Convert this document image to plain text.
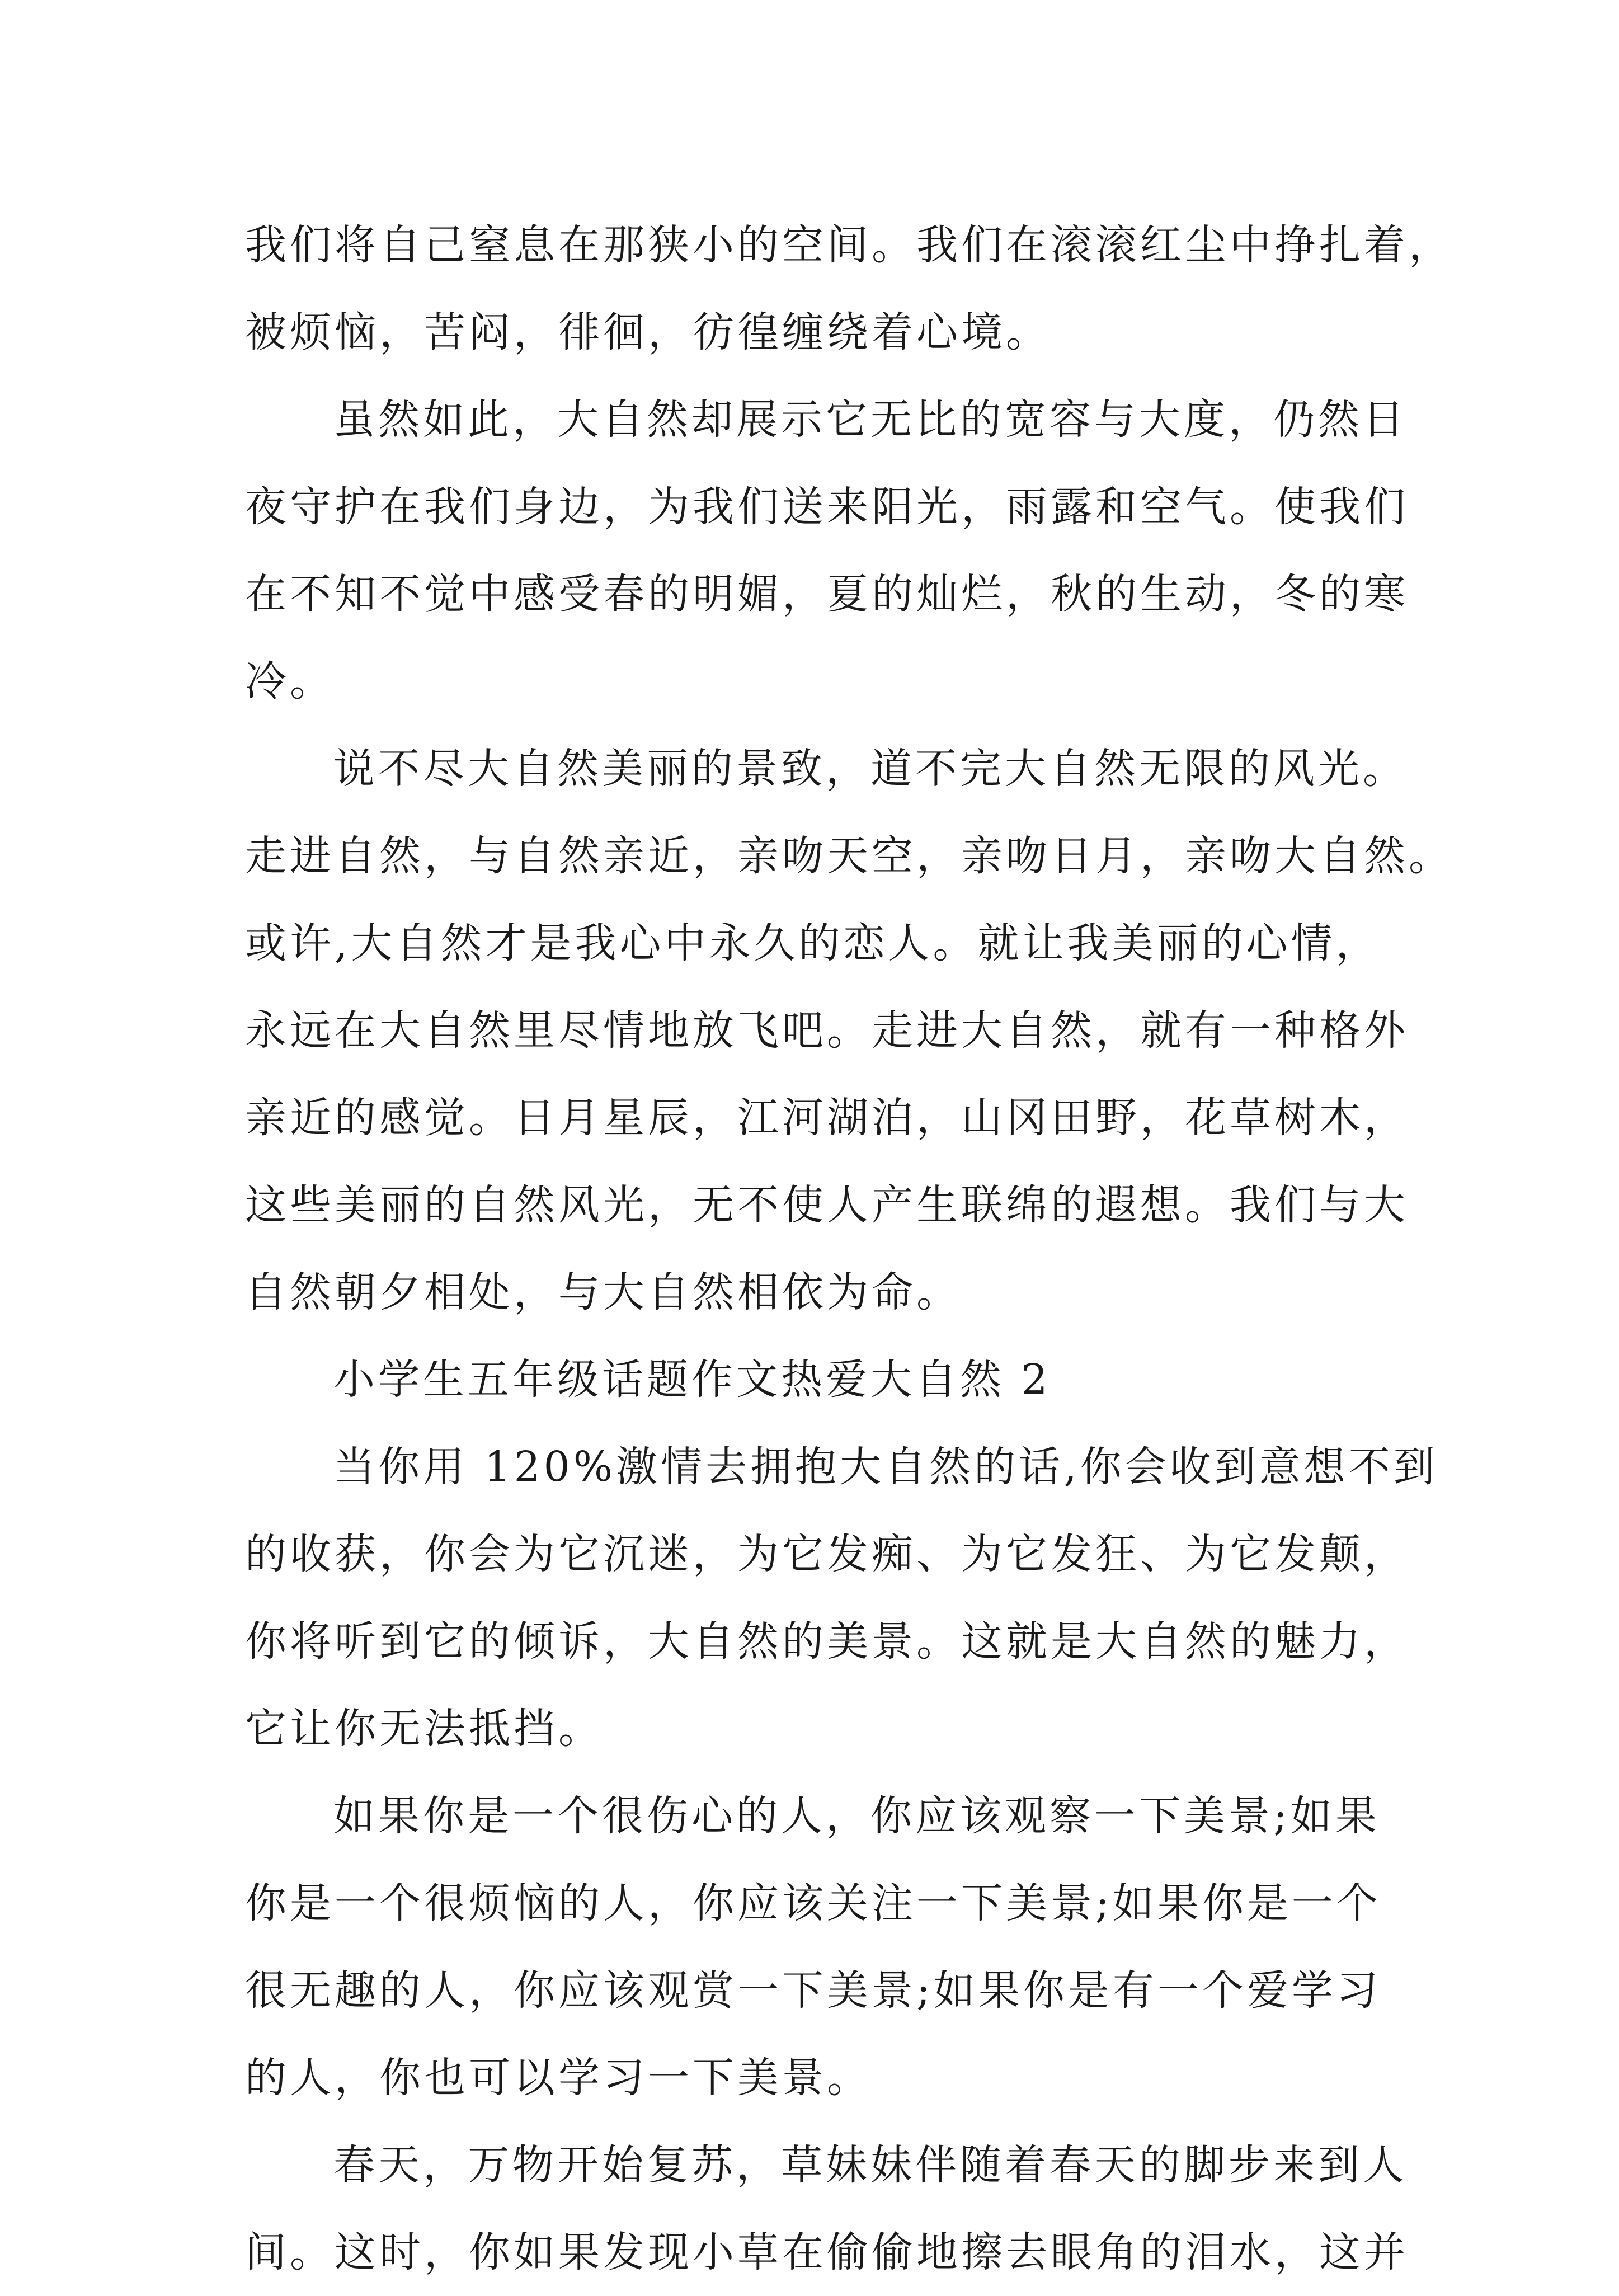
我们将自己窒息在那狭小的空间。我们在滚滚红尘中挣扎着，
被烦恼，苦闷，徘徊，彷徨缠绕着心境。
虽然如此，大自然却展示它无比的宽容与大度，仍然日
夜守护在我们身边，为我们送来阳光，雨露和空气。使我们
在不知不觉中感受春的明媚，夏的灿烂，秋的生动，冬的寒
冷。
说不尽大自然美丽的景致，道不完大自然无限的风光。
走进自然，与自然亲近，亲吻天空，亲吻日月，亲吻大自然。
或许,大自然才是我心中永久的恋人。就让我美丽的心情，
永远在大自然里尽情地放飞吧。走进大自然，就有一种格外
亲近的感觉。日月星辰，江河湖泊，山冈田野，花草树木，
这些美丽的自然风光，无不使人产生联绵的遐想。我们与大
自然朝夕相处，与大自然相依为命。
小学生五年级话题作文热爱大自然 2
当你用 120%激情去拥抱大自然的话,你会收到意想不到
的收获，你会为它沉迷，为它发痴、为它发狂、为它发颠，
你将听到它的倾诉，大自然的美景。这就是大自然的魅力，
它让你无法抵挡。
如果你是一个很伤心的人，你应该观察一下美景;如果
你是一个很烦恼的人，你应该关注一下美景;如果你是一个
很无趣的人，你应该观赏一下美景;如果你是有一个爱学习
的人，你也可以学习一下美景。
春天，万物开始复苏，草妹妹伴随着春天的脚步来到人
间。这时，你如果发现小草在偷偷地擦去眼角的泪水，这并
